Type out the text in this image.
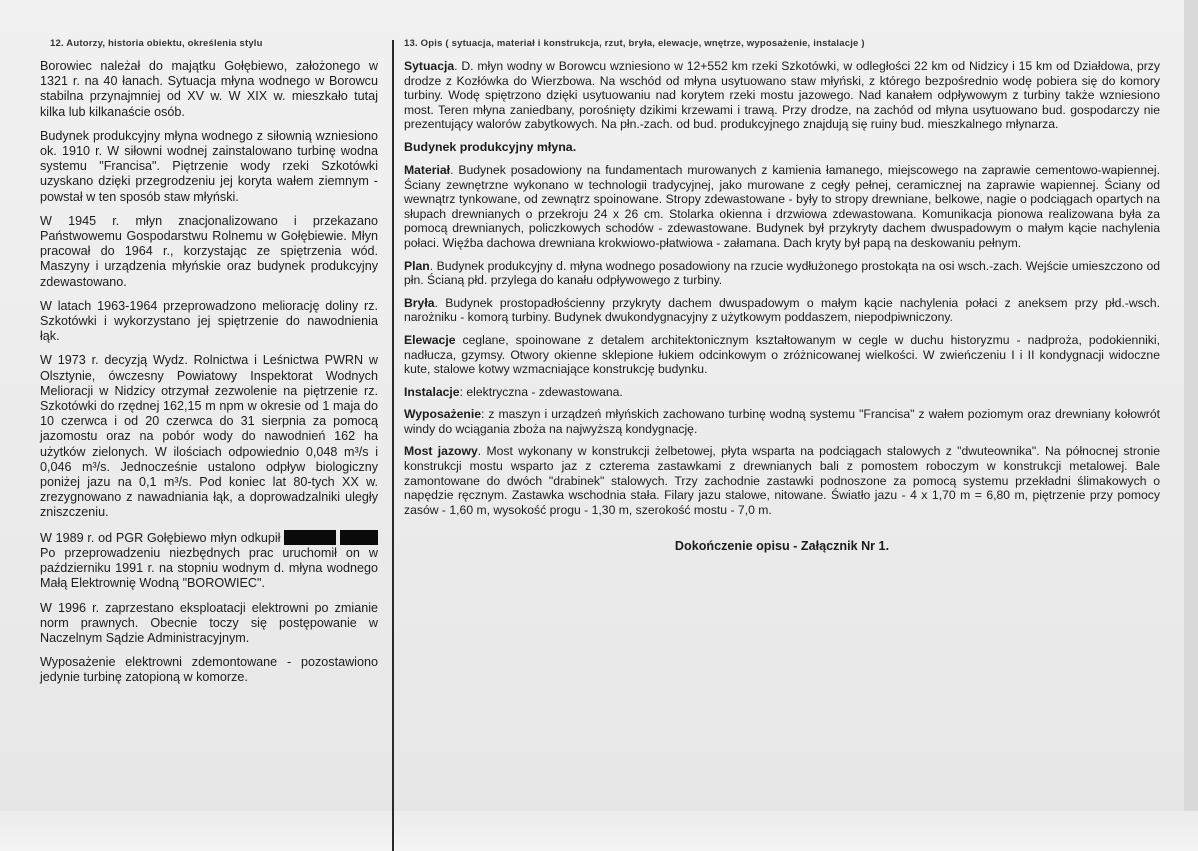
12. Autorzy, historia obiektu, określenia stylu

Borowiec należał do majątku Gołębiewo, założonego w 1321 r. na 40 łanach. Sytuacja młyna wodnego w Borowcu stabilna przynajmniej od XV w. W XIX w. mieszkało tutaj kilka lub kilkanaście osób.

Budynek produkcyjny młyna wodnego z siłownią wzniesiono ok. 1910 r. W siłowni wodnej zainstalowano turbinę wodna systemu "Francisa". Piętrzenie wody rzeki Szkotówki uzyskano dzięki przegrodzeniu jej koryta wałem ziemnym - powstał w ten sposób staw młyński.

W 1945 r. młyn znacjonalizowano i przekazano Państwowemu Gospodarstwu Rolnemu w Gołębiewie. Młyn pracował do 1964 r., korzystając ze spiętrzenia wód. Maszyny i urządzenia młyńskie oraz budynek produkcyjny zdewastowano.

W latach 1963-1964 przeprowadzono meliorację doliny rz. Szkotówki i wykorzystano jej spiętrzenie do nawodnienia łąk.

W 1973 r. decyzją Wydz. Rolnictwa i Leśnictwa PWRN w Olsztynie, ówczesny Powiatowy Inspektorat Wodnych Melioracji w Nidzicy otrzymał zezwolenie na piętrzenie rz. Szkotówki do rzędnej 162,15 m npm w okresie od 1 maja do 10 czerwca i od 20 czerwca do 31 sierpnia za pomocą jazomostu oraz na pobór wody do nawodnień 162 ha użytków zielonych. W ilościach odpowiednio 0,048 m³/s i 0,046 m³/s. Jednocześnie ustalono odpływ biologiczny poniżej jazu na 0,1 m³/s. Pod koniec lat 80-tych XX w. zrezygnowano z nawadniania łąk, a doprowadzalniki uległy zniszczeniu.

W 1989 r. od PGR Gołębiewo młyn odkupił   Po przeprowadzeniu niezbędnych prac uruchomił on w październiku 1991 r. na stopniu wodnym d. młyna wodnego Małą Elektrownię Wodną "BOROWIEC".

W 1996 r. zaprzestano eksploatacji elektrowni po zmianie norm prawnych. Obecnie toczy się postępowanie w Naczelnym Sądzie Administracyjnym.

Wyposażenie elektrowni zdemontowane - pozostawiono jedynie turbinę zatopioną w komorze.

13. Opis ( sytuacja, materiał i konstrukcja, rzut, bryła, elewacje, wnętrze, wyposażenie, instalacje )

Sytuacja. D. młyn wodny w Borowcu wzniesiono w 12+552 km rzeki Szkotówki, w odległości 22 km od Nidzicy i 15 km od Działdowa, przy drodze z Kozłówka do Wierzbowa. Na wschód od młyna usytuowano staw młyński, z którego bezpośrednio wodę pobiera się do komory turbiny. Wodę spiętrzono dzięki usytuowaniu nad korytem rzeki mostu jazowego. Nad kanałem odpływowym z turbiny także wzniesiono most. Teren młyna zaniedbany, porośnięty dzikimi krzewami i trawą. Przy drodze, na zachód od młyna usytuowano bud. gospodarczy nie prezentujący walorów zabytkowych. Na płn.-zach. od bud. produkcyjnego znajdują się ruiny bud. mieszkalnego młynarza.

Budynek produkcyjny młyna.

Materiał. Budynek posadowiony na fundamentach murowanych z kamienia łamanego, miejscowego na zaprawie cementowo-wapiennej. Ściany zewnętrzne wykonano w technologii tradycyjnej, jako murowane z cegły pełnej, ceramicznej na zaprawie wapiennej. Ściany od wewnątrz tynkowane, od zewnątrz spoinowane. Stropy zdewastowane - były to stropy drewniane, belkowe, nagie o podciągach opartych na słupach drewnianych o przekroju 24 x 26 cm. Stolarka okienna i drzwiowa zdewastowana. Komunikacja pionowa realizowana była za pomocą drewnianych, policzkowych schodów - zdewastowane. Budynek był przykryty dachem dwuspadowym o małym kącie nachylenia połaci. Więźba dachowa drewniana krokwiowo-płatwiowa - załamana. Dach kryty był papą na deskowaniu pełnym.

Plan. Budynek produkcyjny d. młyna wodnego posadowiony na rzucie wydłużonego prostokąta na osi wsch.-zach. Wejście umieszczono od płn. Ścianą płd. przylega do kanału odpływowego z turbiny.

Bryła. Budynek prostopadłościenny przykryty dachem dwuspadowym o małym kącie nachylenia połaci z aneksem przy płd.-wsch. narożniku - komorą turbiny. Budynek dwukondygnacyjny z użytkowym poddaszem, niepodpiwniczony.

Elewacje ceglane, spoinowane z detalem architektonicznym kształtowanym w cegle w duchu historyzmu - nadproża, podokienniki, nadłucza, gzymsy. Otwory okienne sklepione łukiem odcinkowym o zróżnicowanej wielkości. W zwieńczeniu I i II kondygnacji widoczne kute, stalowe kotwy wzmacniające konstrukcję budynku.

Instalacje: elektryczna - zdewastowana.

Wyposażenie: z maszyn i urządzeń młyńskich zachowano turbinę wodną systemu "Francisa" z wałem poziomym oraz drewniany kołowrót windy do wciągania zboża na najwyższą kondygnację.

Most jazowy. Most wykonany w konstrukcji żelbetowej, płyta wsparta na podciągach stalowych z "dwuteownika". Na północnej stronie konstrukcji mostu wsparto jaz z czterema zastawkami z drewnianych bali z pomostem roboczym w konstrukcji metalowej. Bale zamontowane do dwóch "drabinek" stalowych. Trzy zachodnie zastawki podnoszone za pomocą systemu przekładni ślimakowych o napędzie ręcznym. Zastawka wschodnia stała. Filary jazu stalowe, nitowane. Światło jazu - 4 x 1,70 m = 6,80 m, piętrzenie przy pomocy zasów - 1,60 m, wysokość progu - 1,30 m, szerokość mostu - 7,0 m.

Dokończenie opisu - Załącznik Nr 1.
